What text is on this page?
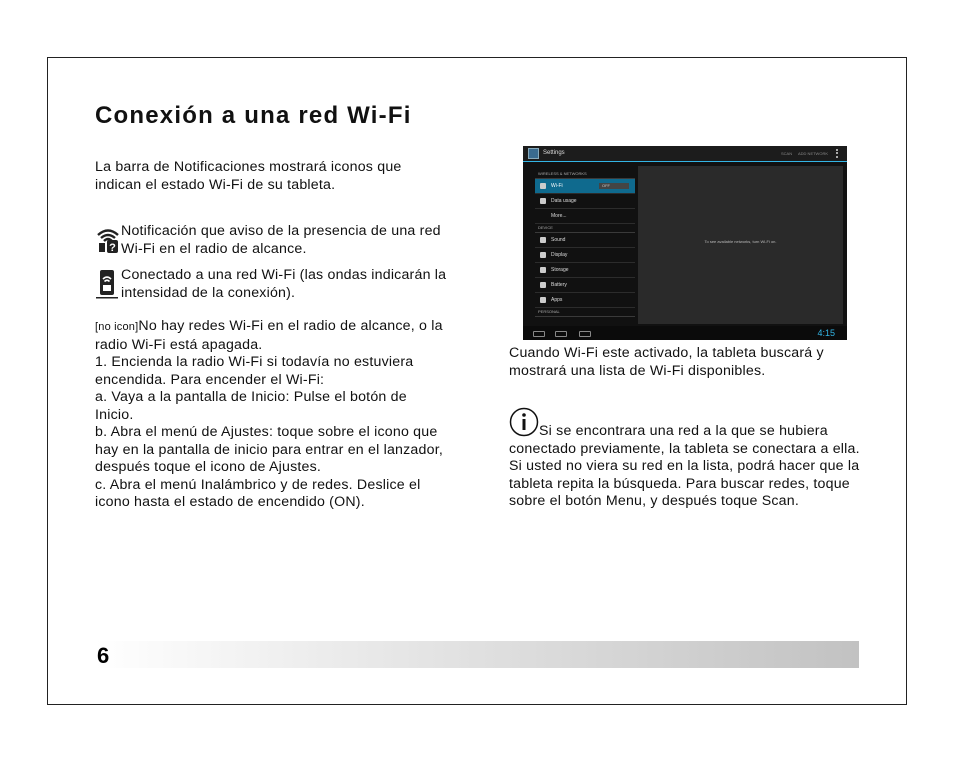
Conexión a una red Wi-Fi

La barra de Notificaciones mostrará iconos que indican el estado Wi-Fi de su tableta.

?

Notificación que aviso de la presencia de una red Wi-Fi en el radio de alcance.

Conectado a una red Wi-Fi (las ondas indicarán la intensidad de la conexión).

[no icon]No hay redes Wi-Fi en el radio de alcance, o la radio Wi-Fi está apagada.
1. Encienda la radio Wi-Fi si todavía no estuviera encendida. Para encender el Wi-Fi:
a. Vaya a la pantalla de Inicio: Pulse el botón de Inicio.
b. Abra el menú de Ajustes: toque sobre el icono que hay en la pantalla de inicio para entrar en el lanzador, después toque el icono de Ajustes.
c. Abra el menú Inalámbrico y de redes. Deslice el icono hasta el estado de encendido (ON).
Settings	SCAN ADD NETWORK
WIRELESS & NETWORKS
Wi-Fi	OFF
Data usage
More...
DEVICE
Sound
Display
Storage
Battery
Apps
PERSONAL
To see available networks, turn Wi-Fi on.
4:15

Cuando Wi-Fi este activado, la tableta buscará y mostrará una lista de Wi-Fi disponibles.

Si se encontrara una red a la que se hubiera conectado previamente, la tableta se conectara a ella. Si usted no viera su red en la lista, podrá hacer que la tableta repita la búsqueda. Para buscar redes, toque sobre el botón Menu, y después toque Scan.

6
